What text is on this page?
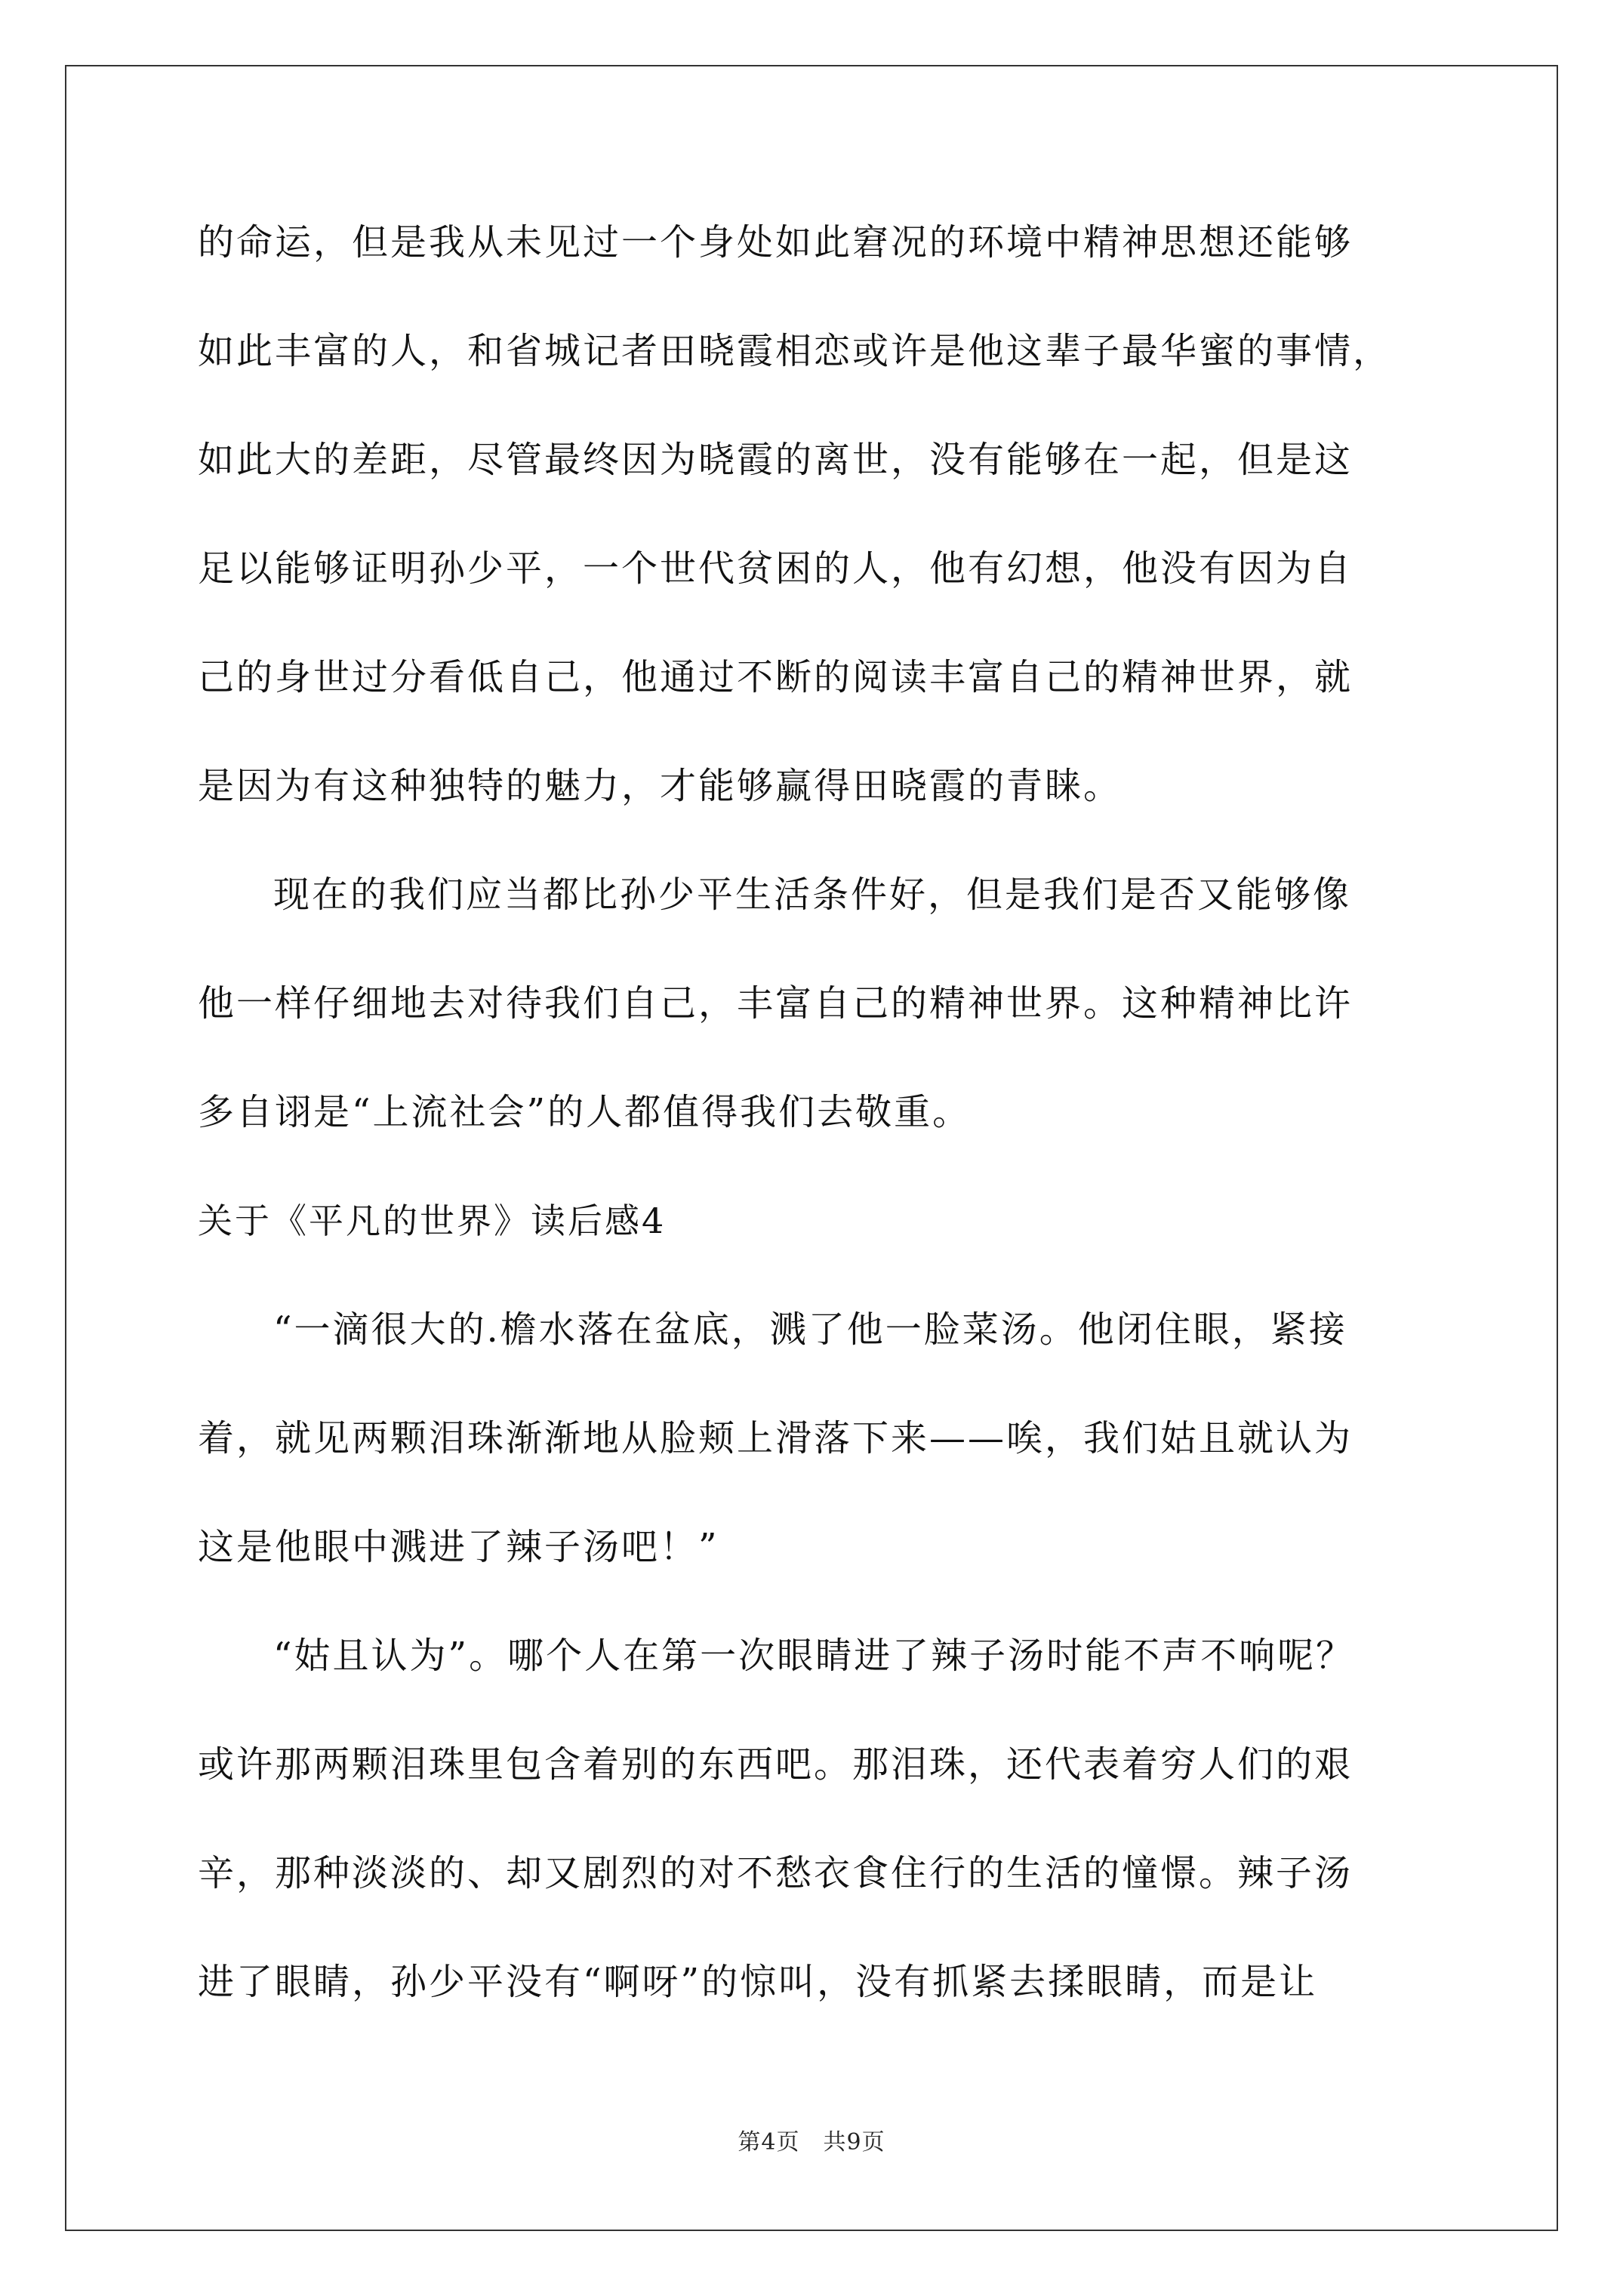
的命运，但是我从未见过一个身处如此窘况的环境中精神思想还能够
如此丰富的人，和省城记者田晓霞相恋或许是他这辈子最华蜜的事情，
如此大的差距，尽管最终因为晓霞的离世，没有能够在一起，但是这
足以能够证明孙少平，一个世代贫困的人，他有幻想，他没有因为自
己的身世过分看低自己，他通过不断的阅读丰富自己的精神世界，就
是因为有这种独特的魅力，才能够赢得田晓霞的青睐。
现在的我们应当都比孙少平生活条件好，但是我们是否又能够像
他一样仔细地去对待我们自己，丰富自己的精神世界。这种精神比许
多自诩是“上流社会”的人都值得我们去敬重。
关于《平凡的世界》读后感4
“一滴很大的.檐水落在盆底，溅了他一脸菜汤。他闭住眼，紧接
着，就见两颗泪珠渐渐地从脸颊上滑落下来——唉，我们姑且就认为
这是他眼中溅进了辣子汤吧！”
“姑且认为”。哪个人在第一次眼睛进了辣子汤时能不声不响呢？
或许那两颗泪珠里包含着别的东西吧。那泪珠，还代表着穷人们的艰
辛，那种淡淡的、却又剧烈的对不愁衣食住行的生活的憧憬。辣子汤
进了眼睛，孙少平没有“啊呀”的惊叫，没有抓紧去揉眼睛，而是让
第4页　共9页
